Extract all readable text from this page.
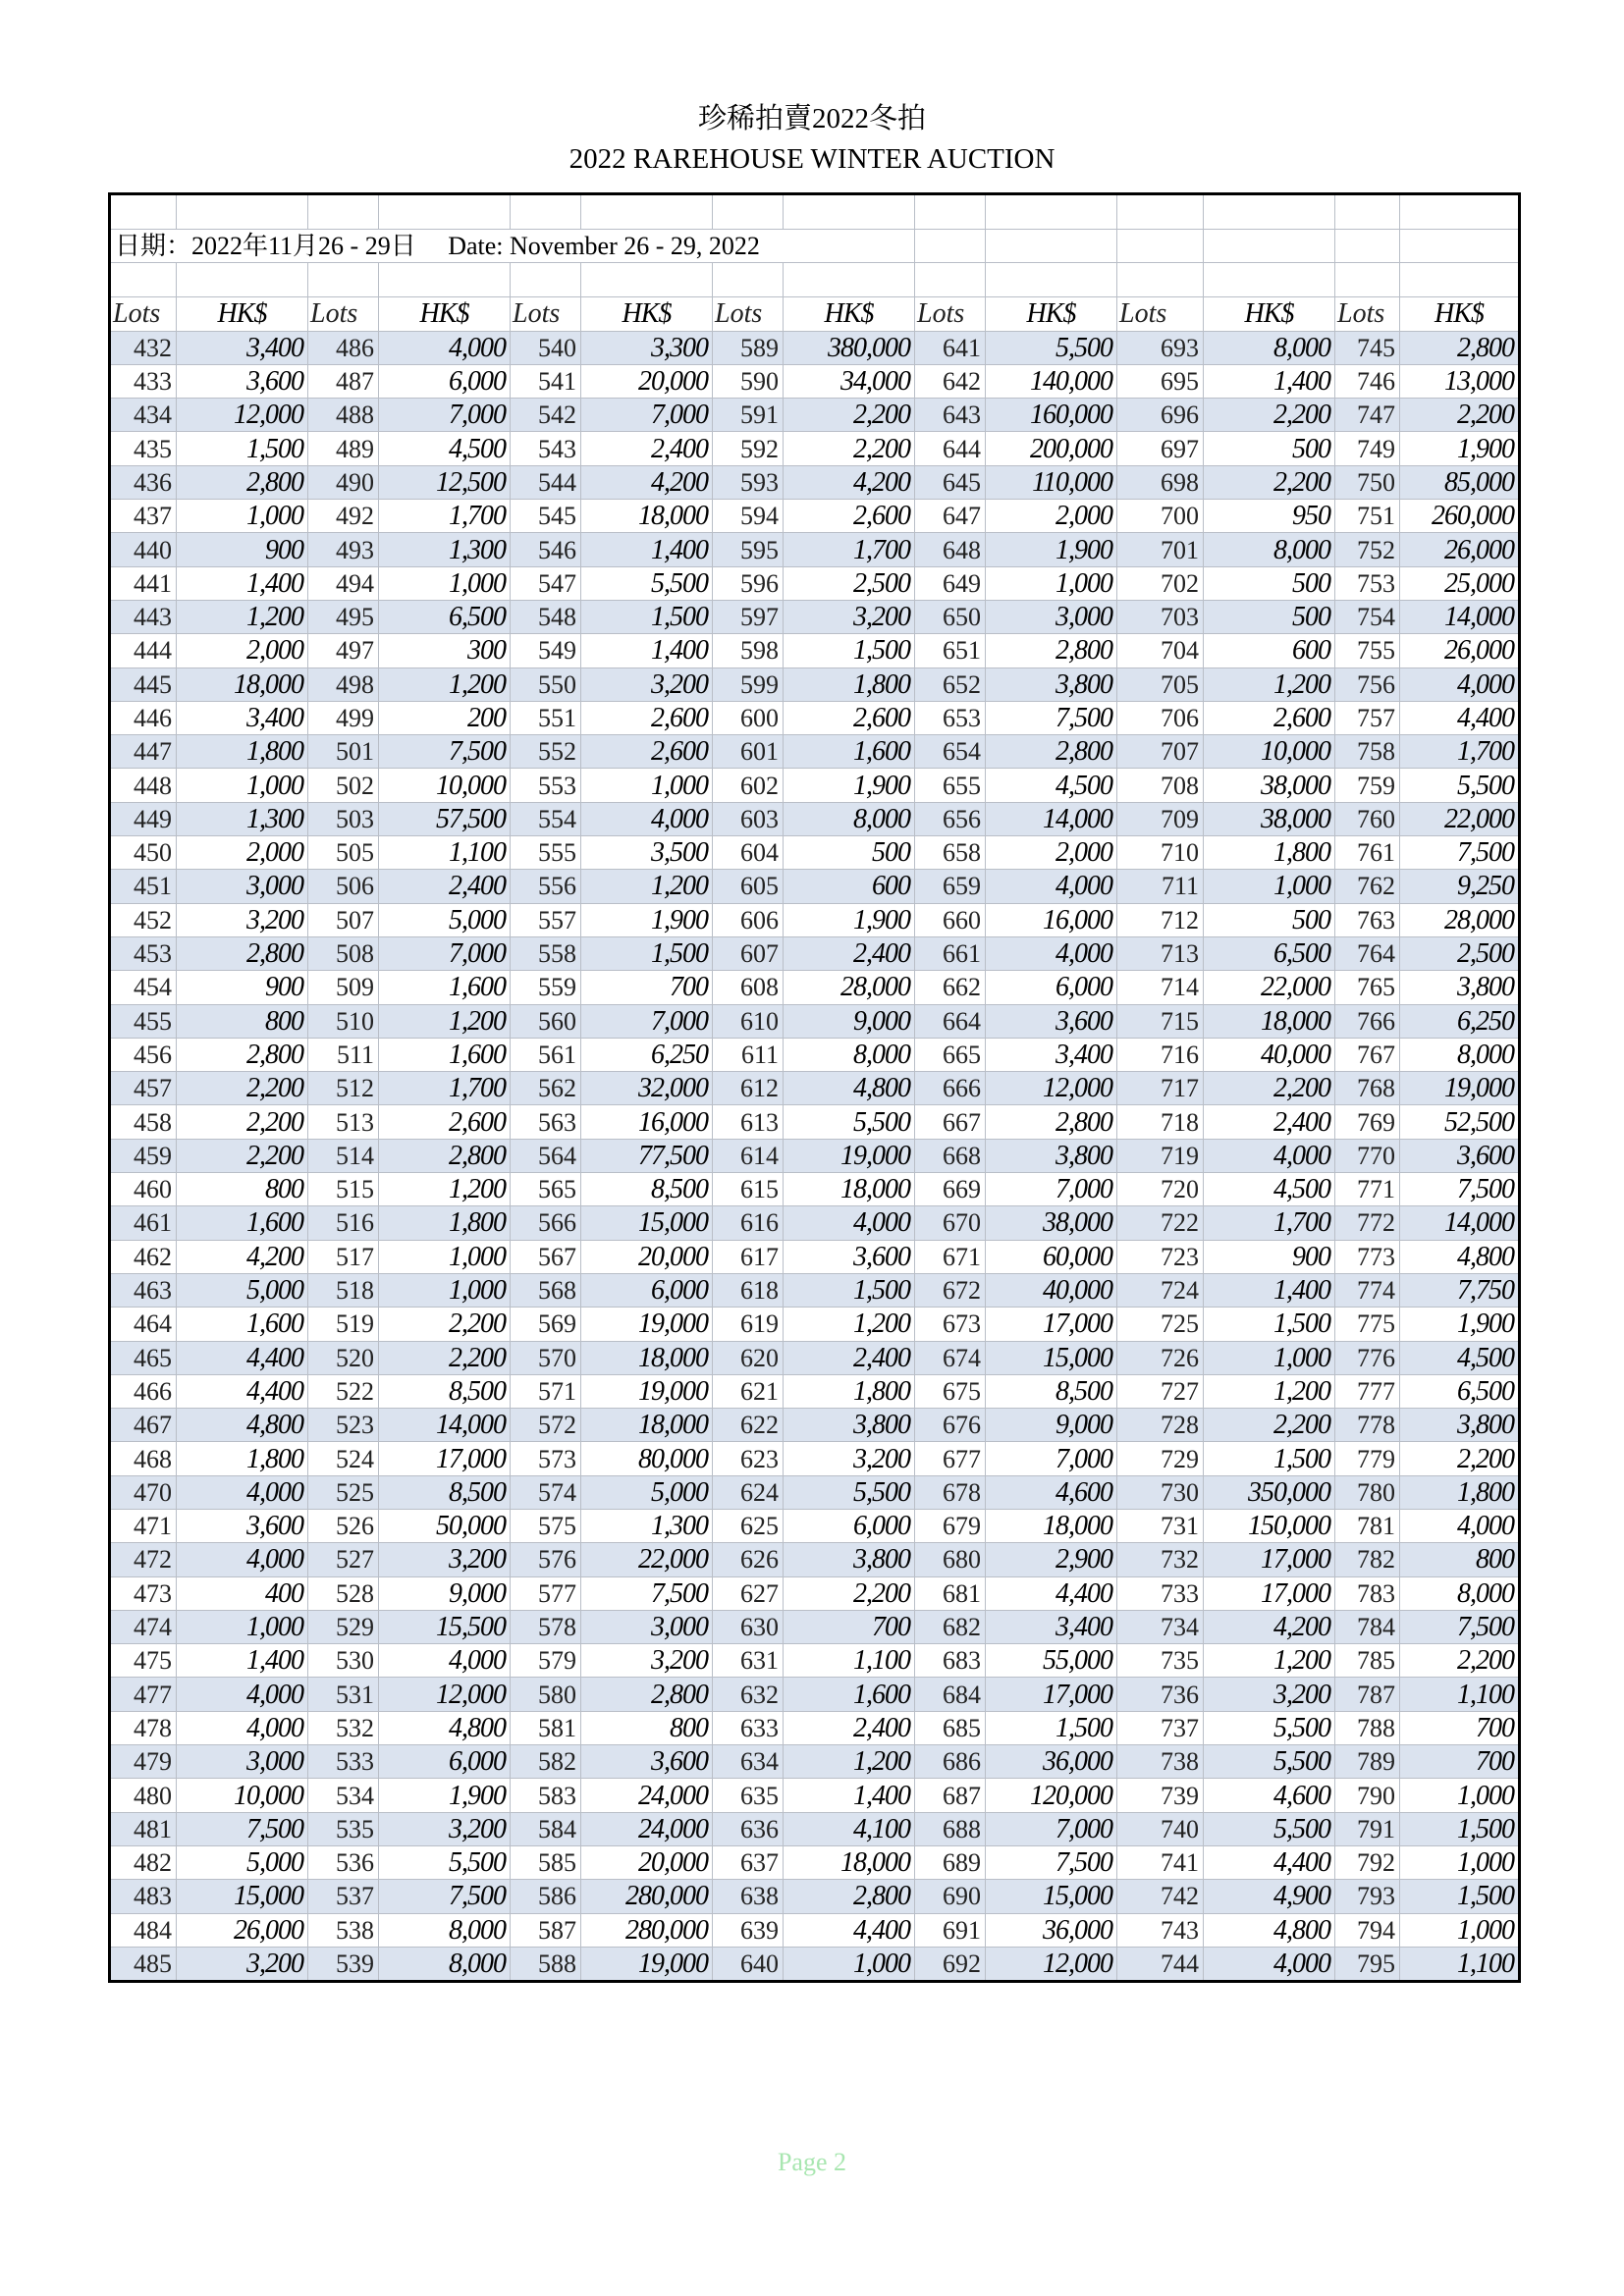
珍稀拍賣2022冬拍
2022 RAREHOUSE WINTER AUCTION

日期：2022年11月26 - 29日     Date: November 26 - 29, 2022													

Lots	HK$	Lots	HK$	Lots	HK$	Lots	HK$	Lots	HK$	Lots	HK$	Lots	HK$
432	3,400	486	4,000	540	3,300	589	380,000	641	5,500	693	8,000	745	2,800
433	3,600	487	6,000	541	20,000	590	34,000	642	140,000	695	1,400	746	13,000
434	12,000	488	7,000	542	7,000	591	2,200	643	160,000	696	2,200	747	2,200
435	1,500	489	4,500	543	2,400	592	2,200	644	200,000	697	500	749	1,900
436	2,800	490	12,500	544	4,200	593	4,200	645	110,000	698	2,200	750	85,000
437	1,000	492	1,700	545	18,000	594	2,600	647	2,000	700	950	751	260,000
440	900	493	1,300	546	1,400	595	1,700	648	1,900	701	8,000	752	26,000
441	1,400	494	1,000	547	5,500	596	2,500	649	1,000	702	500	753	25,000
443	1,200	495	6,500	548	1,500	597	3,200	650	3,000	703	500	754	14,000
444	2,000	497	300	549	1,400	598	1,500	651	2,800	704	600	755	26,000
445	18,000	498	1,200	550	3,200	599	1,800	652	3,800	705	1,200	756	4,000
446	3,400	499	200	551	2,600	600	2,600	653	7,500	706	2,600	757	4,400
447	1,800	501	7,500	552	2,600	601	1,600	654	2,800	707	10,000	758	1,700
448	1,000	502	10,000	553	1,000	602	1,900	655	4,500	708	38,000	759	5,500
449	1,300	503	57,500	554	4,000	603	8,000	656	14,000	709	38,000	760	22,000
450	2,000	505	1,100	555	3,500	604	500	658	2,000	710	1,800	761	7,500
451	3,000	506	2,400	556	1,200	605	600	659	4,000	711	1,000	762	9,250
452	3,200	507	5,000	557	1,900	606	1,900	660	16,000	712	500	763	28,000
453	2,800	508	7,000	558	1,500	607	2,400	661	4,000	713	6,500	764	2,500
454	900	509	1,600	559	700	608	28,000	662	6,000	714	22,000	765	3,800
455	800	510	1,200	560	7,000	610	9,000	664	3,600	715	18,000	766	6,250
456	2,800	511	1,600	561	6,250	611	8,000	665	3,400	716	40,000	767	8,000
457	2,200	512	1,700	562	32,000	612	4,800	666	12,000	717	2,200	768	19,000
458	2,200	513	2,600	563	16,000	613	5,500	667	2,800	718	2,400	769	52,500
459	2,200	514	2,800	564	77,500	614	19,000	668	3,800	719	4,000	770	3,600
460	800	515	1,200	565	8,500	615	18,000	669	7,000	720	4,500	771	7,500
461	1,600	516	1,800	566	15,000	616	4,000	670	38,000	722	1,700	772	14,000
462	4,200	517	1,000	567	20,000	617	3,600	671	60,000	723	900	773	4,800
463	5,000	518	1,000	568	6,000	618	1,500	672	40,000	724	1,400	774	7,750
464	1,600	519	2,200	569	19,000	619	1,200	673	17,000	725	1,500	775	1,900
465	4,400	520	2,200	570	18,000	620	2,400	674	15,000	726	1,000	776	4,500
466	4,400	522	8,500	571	19,000	621	1,800	675	8,500	727	1,200	777	6,500
467	4,800	523	14,000	572	18,000	622	3,800	676	9,000	728	2,200	778	3,800
468	1,800	524	17,000	573	80,000	623	3,200	677	7,000	729	1,500	779	2,200
470	4,000	525	8,500	574	5,000	624	5,500	678	4,600	730	350,000	780	1,800
471	3,600	526	50,000	575	1,300	625	6,000	679	18,000	731	150,000	781	4,000
472	4,000	527	3,200	576	22,000	626	3,800	680	2,900	732	17,000	782	800
473	400	528	9,000	577	7,500	627	2,200	681	4,400	733	17,000	783	8,000
474	1,000	529	15,500	578	3,000	630	700	682	3,400	734	4,200	784	7,500
475	1,400	530	4,000	579	3,200	631	1,100	683	55,000	735	1,200	785	2,200
477	4,000	531	12,000	580	2,800	632	1,600	684	17,000	736	3,200	787	1,100
478	4,000	532	4,800	581	800	633	2,400	685	1,500	737	5,500	788	700
479	3,000	533	6,000	582	3,600	634	1,200	686	36,000	738	5,500	789	700
480	10,000	534	1,900	583	24,000	635	1,400	687	120,000	739	4,600	790	1,000
481	7,500	535	3,200	584	24,000	636	4,100	688	7,000	740	5,500	791	1,500
482	5,000	536	5,500	585	20,000	637	18,000	689	7,500	741	4,400	792	1,000
483	15,000	537	7,500	586	280,000	638	2,800	690	15,000	742	4,900	793	1,500
484	26,000	538	8,000	587	280,000	639	4,400	691	36,000	743	4,800	794	1,000
485	3,200	539	8,000	588	19,000	640	1,000	692	12,000	744	4,000	795	1,100
Page 2
